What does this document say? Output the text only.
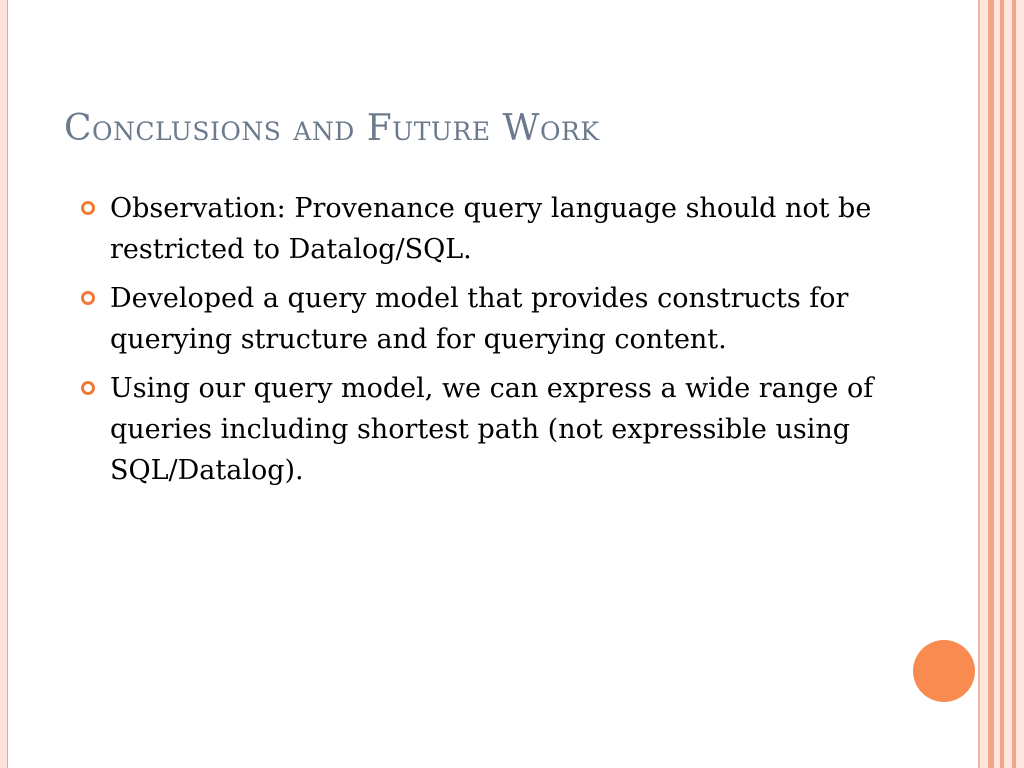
Conclusions and Future Work
Observation: Provenance query language should not be restricted to Datalog/SQL.
Developed a query model that provides constructs for querying structure and for querying content.
Using our query model, we can express a wide range of queries including shortest path (not expressible using SQL/Datalog).
